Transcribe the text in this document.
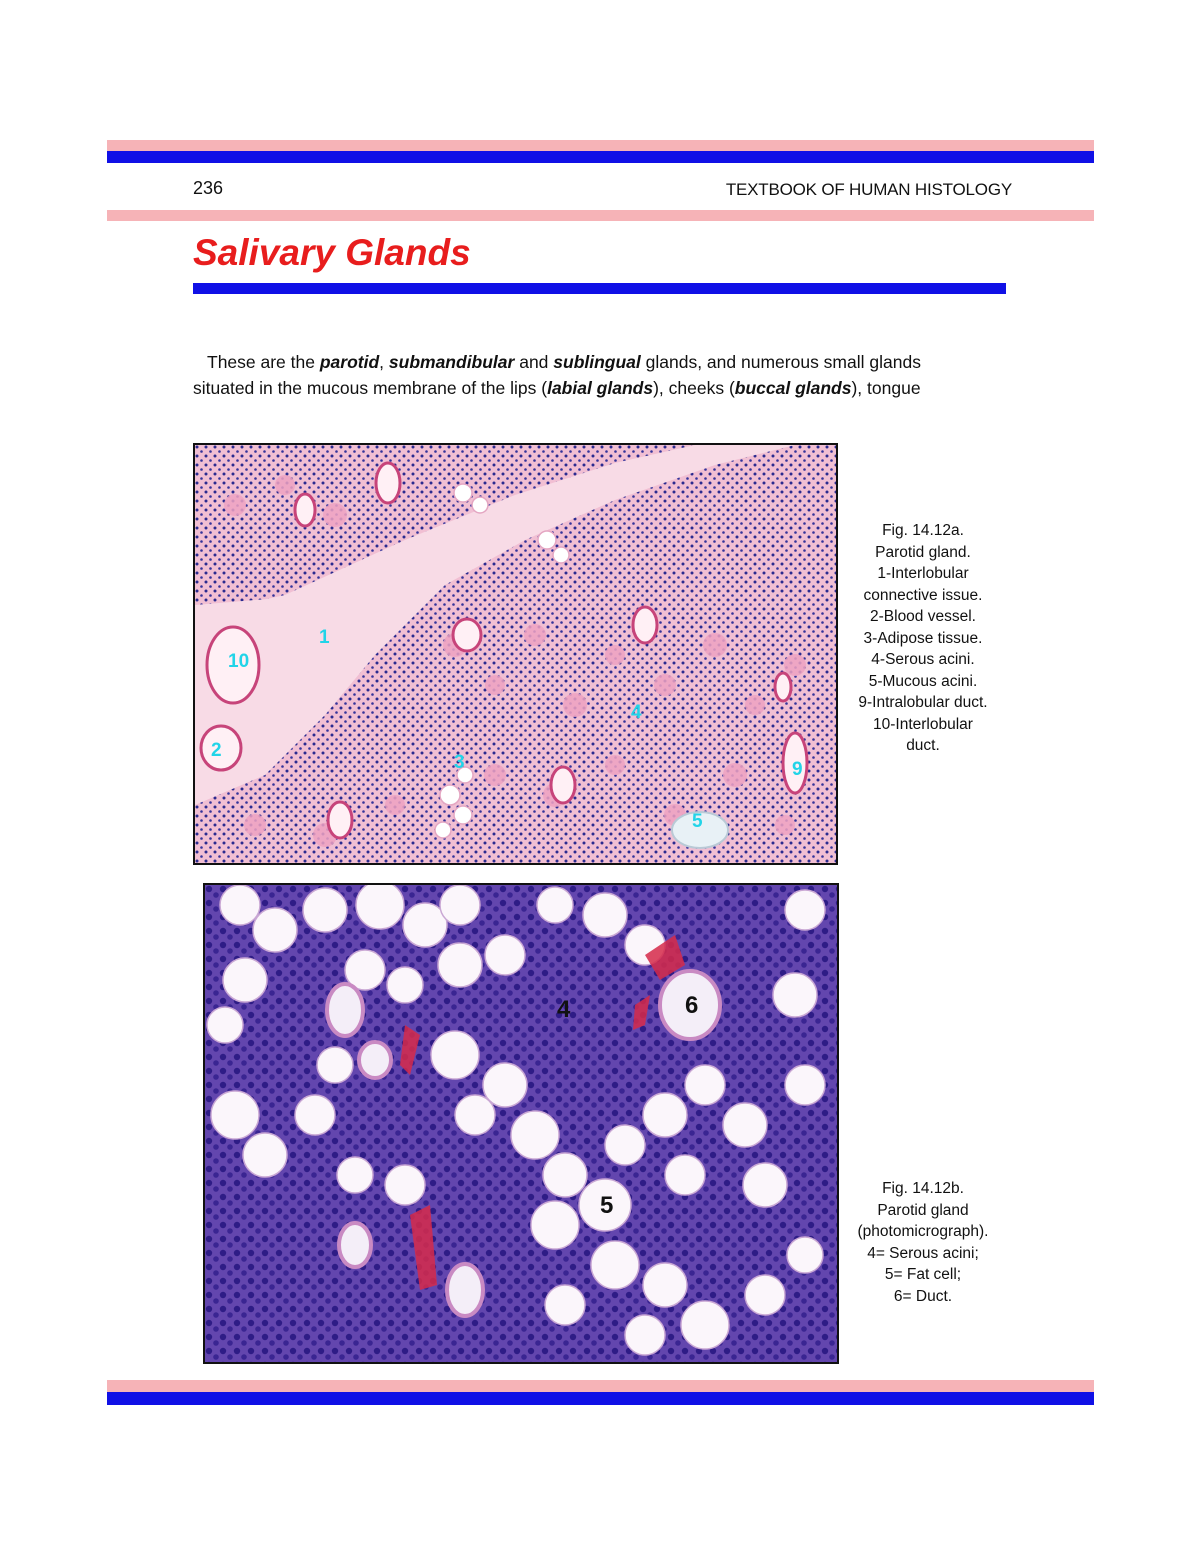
236	TEXTBOOK OF HUMAN HISTOLOGY
Salivary Glands

These are the parotid, submandibular and sublingual glands, and numerous small glands

situated in the mucous membrane of the lips (labial glands), cheeks (buccal glands), tongue

1
10
2
3
4
5
9
Fig. 14.12a.
Parotid gland.
1-Interlobular
connective issue.
2-Blood vessel.
3-Adipose tissue.
4-Serous acini.
5-Mucous acini.
9-Intralobular duct.
10-Interlobular
duct.
4	6
5
Fig. 14.12b.
Parotid gland
(photomicrograph).
4= Serous acini;
5= Fat cell;
6= Duct.
